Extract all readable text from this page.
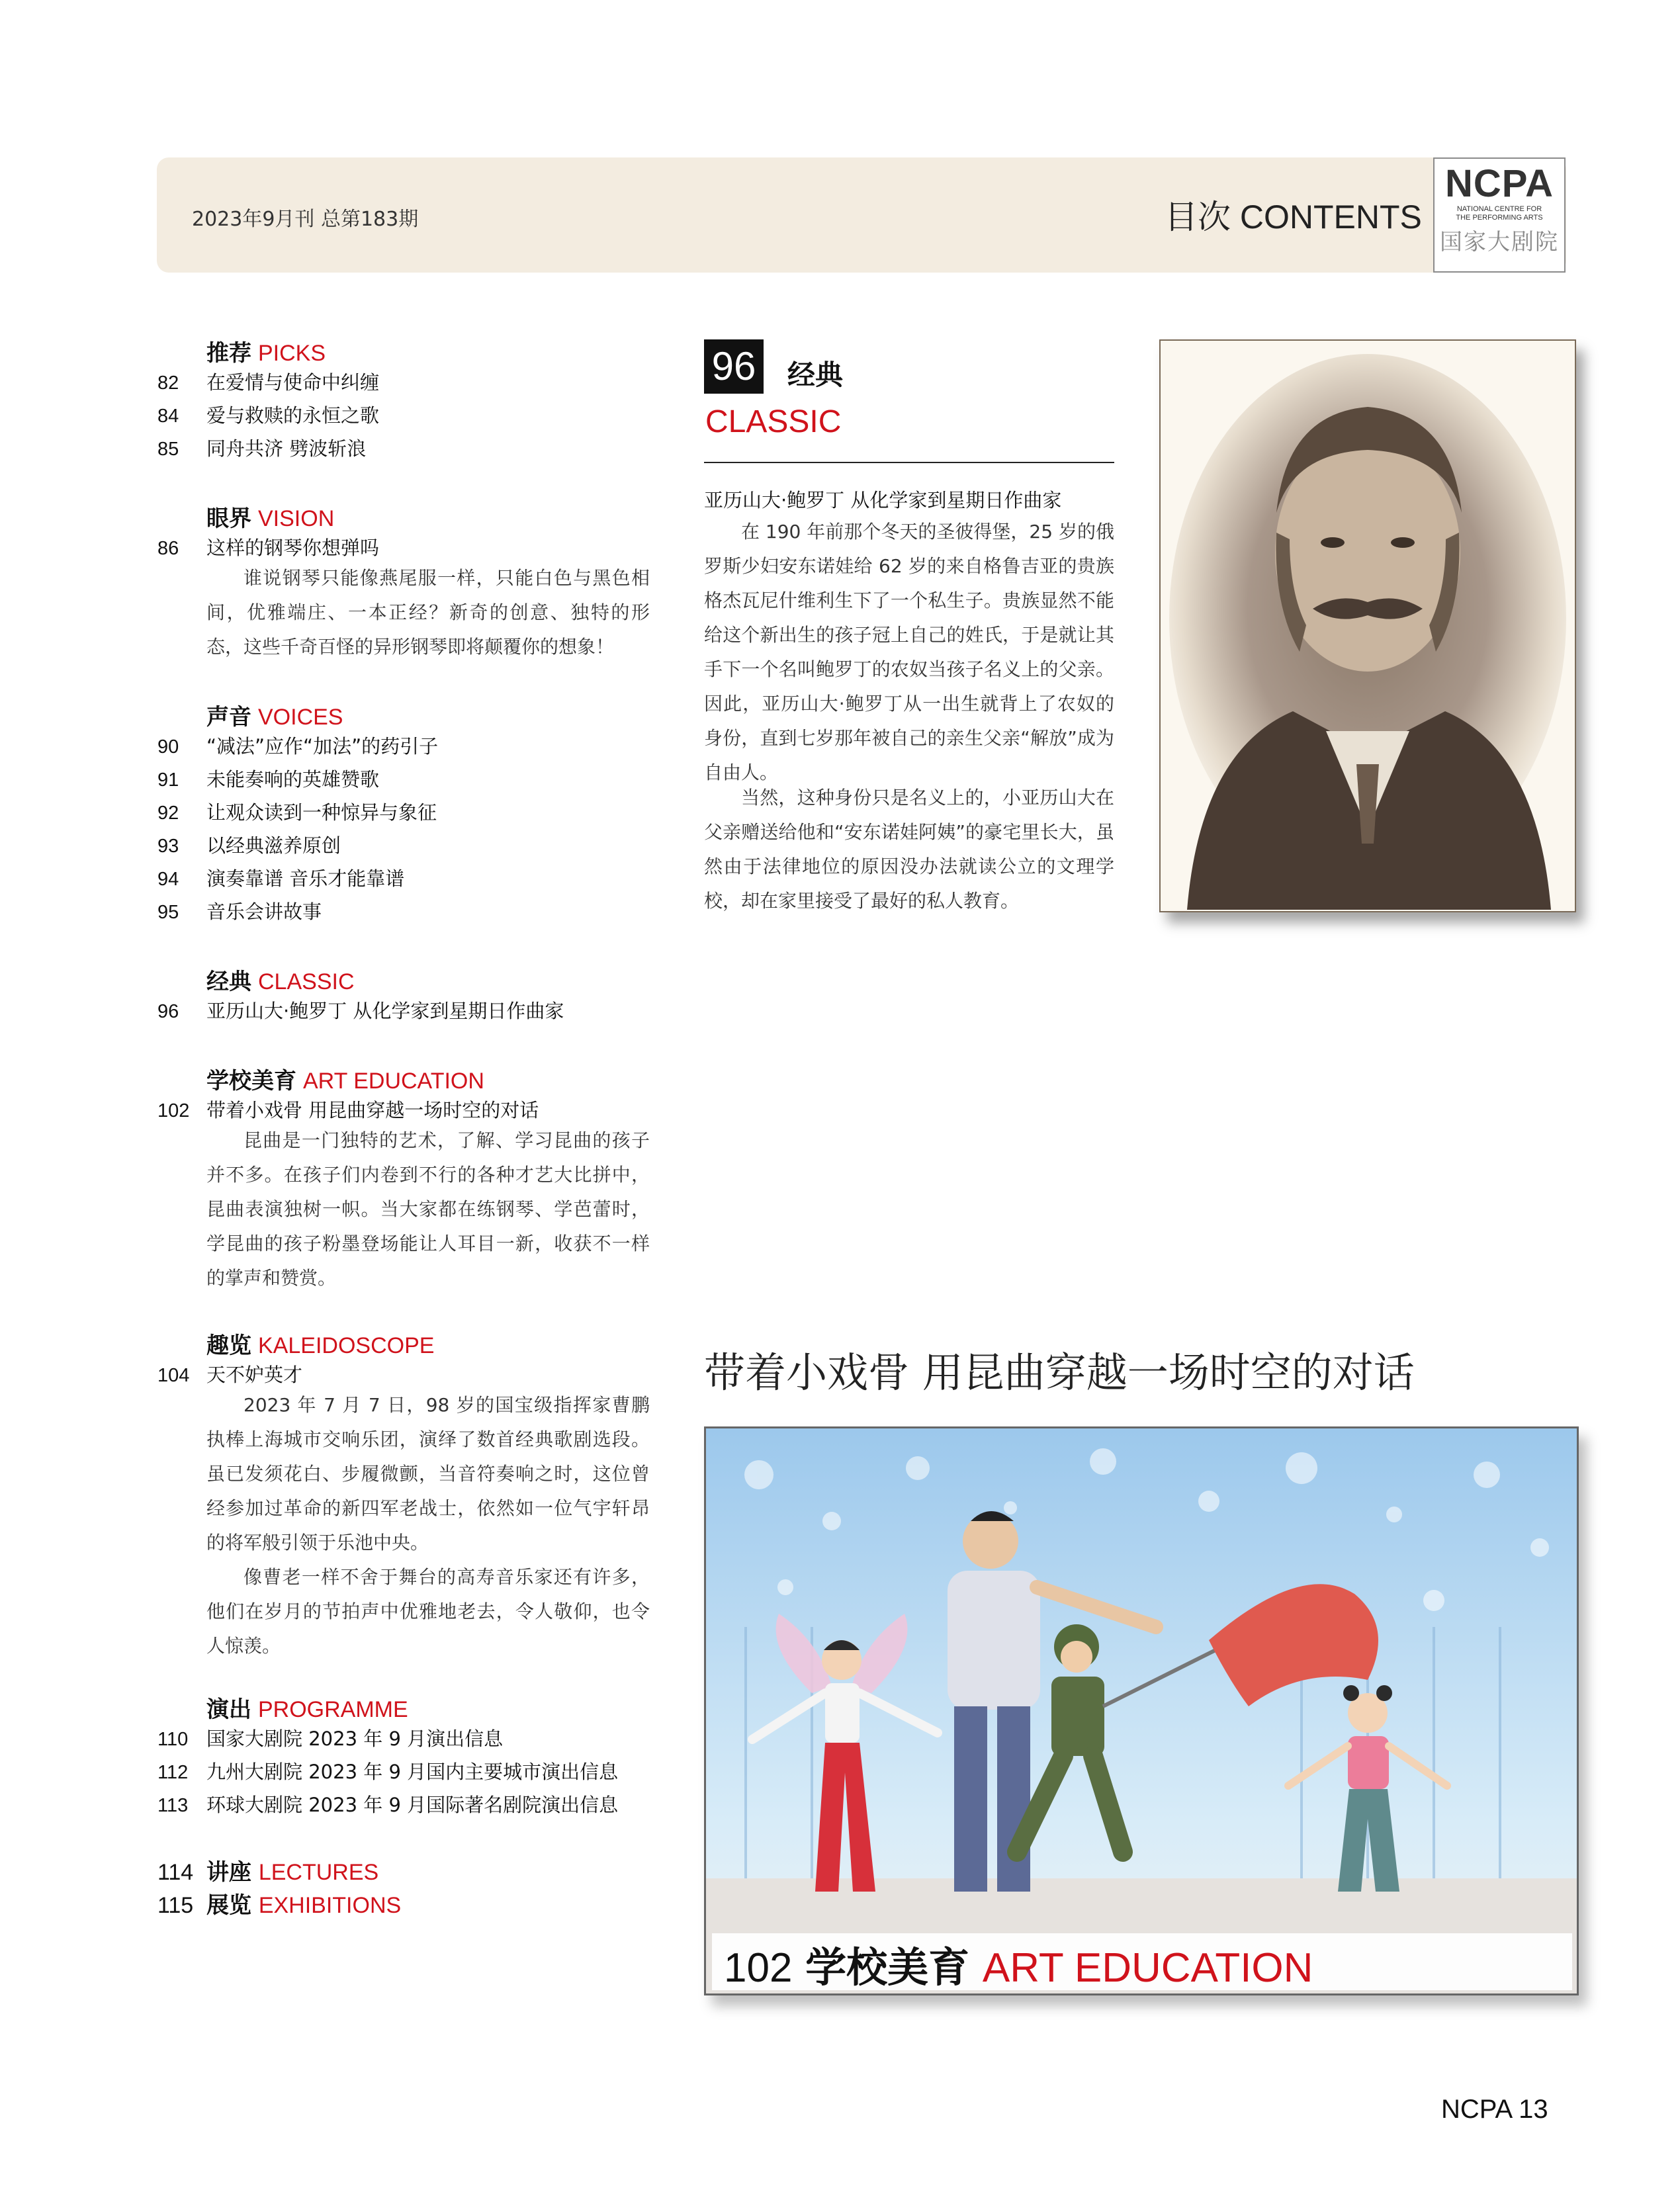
2023年9月刊 总第183期	目次 CONTENTS
NCPA
NATIONAL CENTRE FOR
THE PERFORMING ARTS
国家大剧院
推荐 PICKS
82 在爱情与使命中纠缠
84 爱与救赎的永恒之歌
85 同舟共济 劈波斩浪
眼界 VISION
86 这样的钢琴你想弹吗
谁说钢琴只能像燕尾服一样，只能白色与黑色相间，优雅端庄、一本正经？新奇的创意、独特的形态，这些千奇百怪的异形钢琴即将颠覆你的想象！
声音 VOICES
90 “减法”应作“加法”的药引子
91 未能奏响的英雄赞歌
92 让观众读到一种惊异与象征
93 以经典滋养原创
94 演奏靠谱 音乐才能靠谱
95 音乐会讲故事
经典 CLASSIC
96 亚历山大·鲍罗丁 从化学家到星期日作曲家
学校美育 ART EDUCATION
102 带着小戏骨 用昆曲穿越一场时空的对话
昆曲是一门独特的艺术，了解、学习昆曲的孩子并不多。在孩子们内卷到不行的各种才艺大比拼中，昆曲表演独树一帜。当大家都在练钢琴、学芭蕾时，学昆曲的孩子粉墨登场能让人耳目一新，收获不一样的掌声和赞赏。
趣览 KALEIDOSCOPE
104 天不妒英才
2023 年 7 月 7 日，98 岁的国宝级指挥家曹鹏执棒上海城市交响乐团，演绎了数首经典歌剧选段。虽已发须花白、步履微颤，当音符奏响之时，这位曾经参加过革命的新四军老战士，依然如一位气宇轩昂的将军般引领于乐池中央。
像曹老一样不舍于舞台的高寿音乐家还有许多，他们在岁月的节拍声中优雅地老去，令人敬仰，也令人惊羡。
演出 PROGRAMME
110 国家大剧院 2023 年 9 月演出信息
112 九州大剧院 2023 年 9 月国内主要城市演出信息
113 环球大剧院 2023 年 9 月国际著名剧院演出信息
114 讲座 LECTURES
115 展览 EXHIBITIONS
96 经典
CLASSIC
亚历山大·鲍罗丁 从化学家到星期日作曲家
在 190 年前那个冬天的圣彼得堡，25 岁的俄罗斯少妇安东诺娃给 62 岁的来自格鲁吉亚的贵族格杰瓦尼什维利生下了一个私生子。贵族显然不能给这个新出生的孩子冠上自己的姓氏，于是就让其手下一个名叫鲍罗丁的农奴当孩子名义上的父亲。因此，亚历山大·鲍罗丁从一出生就背上了农奴的身份，直到七岁那年被自己的亲生父亲“解放”成为自由人。
当然，这种身份只是名义上的，小亚历山大在父亲赠送给他和“安东诺娃阿姨”的豪宅里长大，虽然由于法律地位的原因没办法就读公立的文理学校，却在家里接受了最好的私人教育。
带着小戏骨 用昆曲穿越一场时空的对话
102 学校美育 ART EDUCATION
NCPA 13
